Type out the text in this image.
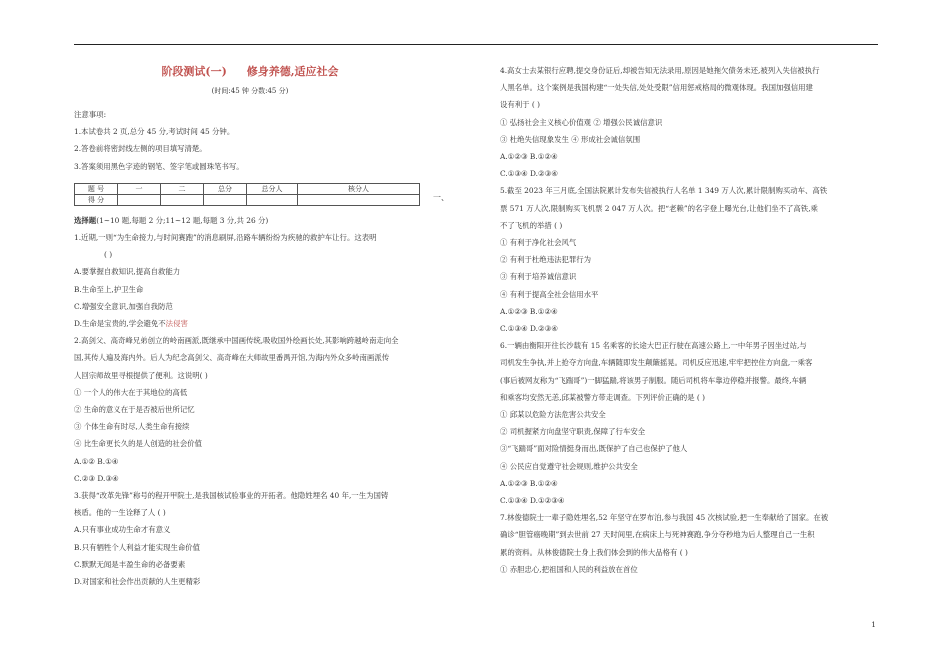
阶段测试(一) 修身养德,适应社会
(时间:45 钟 分数:45 分)

注意事项:

1.本试卷共 2 页,总分 45 分,考试时间 45 分钟。

2.答卷前将密封线左侧的项目填写清楚。

3.答案须用黑色字迹的钢笔、签字笔或圆珠笔书写。

题 号	一	二	总分	总分人	核分人
得 分					

选择题(1~10 题,每题 2 分;11~12 题,每题 3 分,共 26 分)

1.近期,一则“为生命接力,与时间赛跑”的消息刷屏,沿路车辆纷纷为疾驰的救护车让行。这表明

( )

A.要掌握自救知识,提高自救能力

B.生命至上,护卫生命

C.增强安全意识,加强自我防范

D.生命是宝贵的,学会避免不法侵害

2.高剑父、高奇峰兄弟创立的岭南画派,既继承中国画传统,吸收国外绘画长处,其影响跨越岭南走向全

国,其传人遍及海内外。后人为纪念高剑父、高奇峰在大师故里番禺开馆,为海内外众多岭南画派传

人回宗师故里寻根提供了便利。这说明( )

① 一个人的伟大在于其地位的高低

② 生命的意义在于是否被后世所记忆

③ 个体生命有时尽,人类生命有接续

④ 比生命更长久的是人创造的社会价值

A.①② B.①④

C.②③ D.③④

3.获得“改革先锋”称号的程开甲院士,是我国核试验事业的开拓者。他隐姓埋名 40 年,一生为国铸

核盾。他的一生诠释了人 ( )

A.只有事业成功生命才有意义

B.只有牺牲个人利益才能实现生命价值

C.默默无闻是丰盈生命的必备要素

D.对国家和社会作出贡献的人生更精彩

一、

4.高女士去某银行应聘,提交身份证后,却被告知无法录用,原因是她拖欠债务未还,被列入失信被执行

人黑名单。这个案例是我国构建“一处失信,处处受限”信用惩戒格局的微观体现。我国加强信用建

设有利于 ( )

① 弘扬社会主义核心价值观 ② 增强公民诚信意识

③ 杜绝失信现象发生 ④ 形成社会诚信氛围

A.①②③ B.①②④

C.①③④ D.②③④

5.截至 2023 年三月底,全国法院累计发布失信被执行人名单 1 349 万人次,累计限制购买动车、高铁

票 571 万人次,限制购买飞机票 2 047 万人次。把“老赖”的名字登上曝光台,让他们坐不了高铁,乘

不了飞机的举措 ( )

① 有利于净化社会风气

② 有利于杜绝违法犯罪行为

③ 有利于培养诚信意识

④ 有利于提高全社会信用水平

A.①②③ B.①②④

C.①③④ D.②③④

6.一辆由衡阳开往长沙载有 15 名乘客的长途大巴正行驶在高速公路上,一中年男子因坐过站,与

司机发生争执,并上抢夺方向盘,车辆随即发生颠簸摇晃。司机反应迅速,牢牢把控住方向盘,一乘客

(事后被网友称为“飞踹哥”)一脚猛踹,将该男子制服。随后司机将车靠边停稳并报警。最终,车辆

和乘客均安然无恙,邱某被警方带走调查。下列评价正确的是 ( )

① 邱某以危险方法危害公共安全

② 司机握紧方向盘坚守职责,保障了行车安全

③“飞踹哥”面对险情挺身而出,既保护了自己也保护了他人

④ 公民应自觉遵守社会规则,维护公共安全

A.①②③ B.①②④

C.①③④ D.①②③④

7.林俊德院士一辈子隐姓埋名,52 年坚守在罗布泊,参与我国 45 次核试验,把一生奉献给了国家。在被

确诊“胆管癌晚期”到去世前 27 天时间里,在病床上与死神赛跑,争分夺秒地为后人整理自己一生积

累的资料。从林俊德院士身上我们体会到的伟大品格有 ( )

① 赤胆忠心,把祖国和人民的利益放在首位

1
